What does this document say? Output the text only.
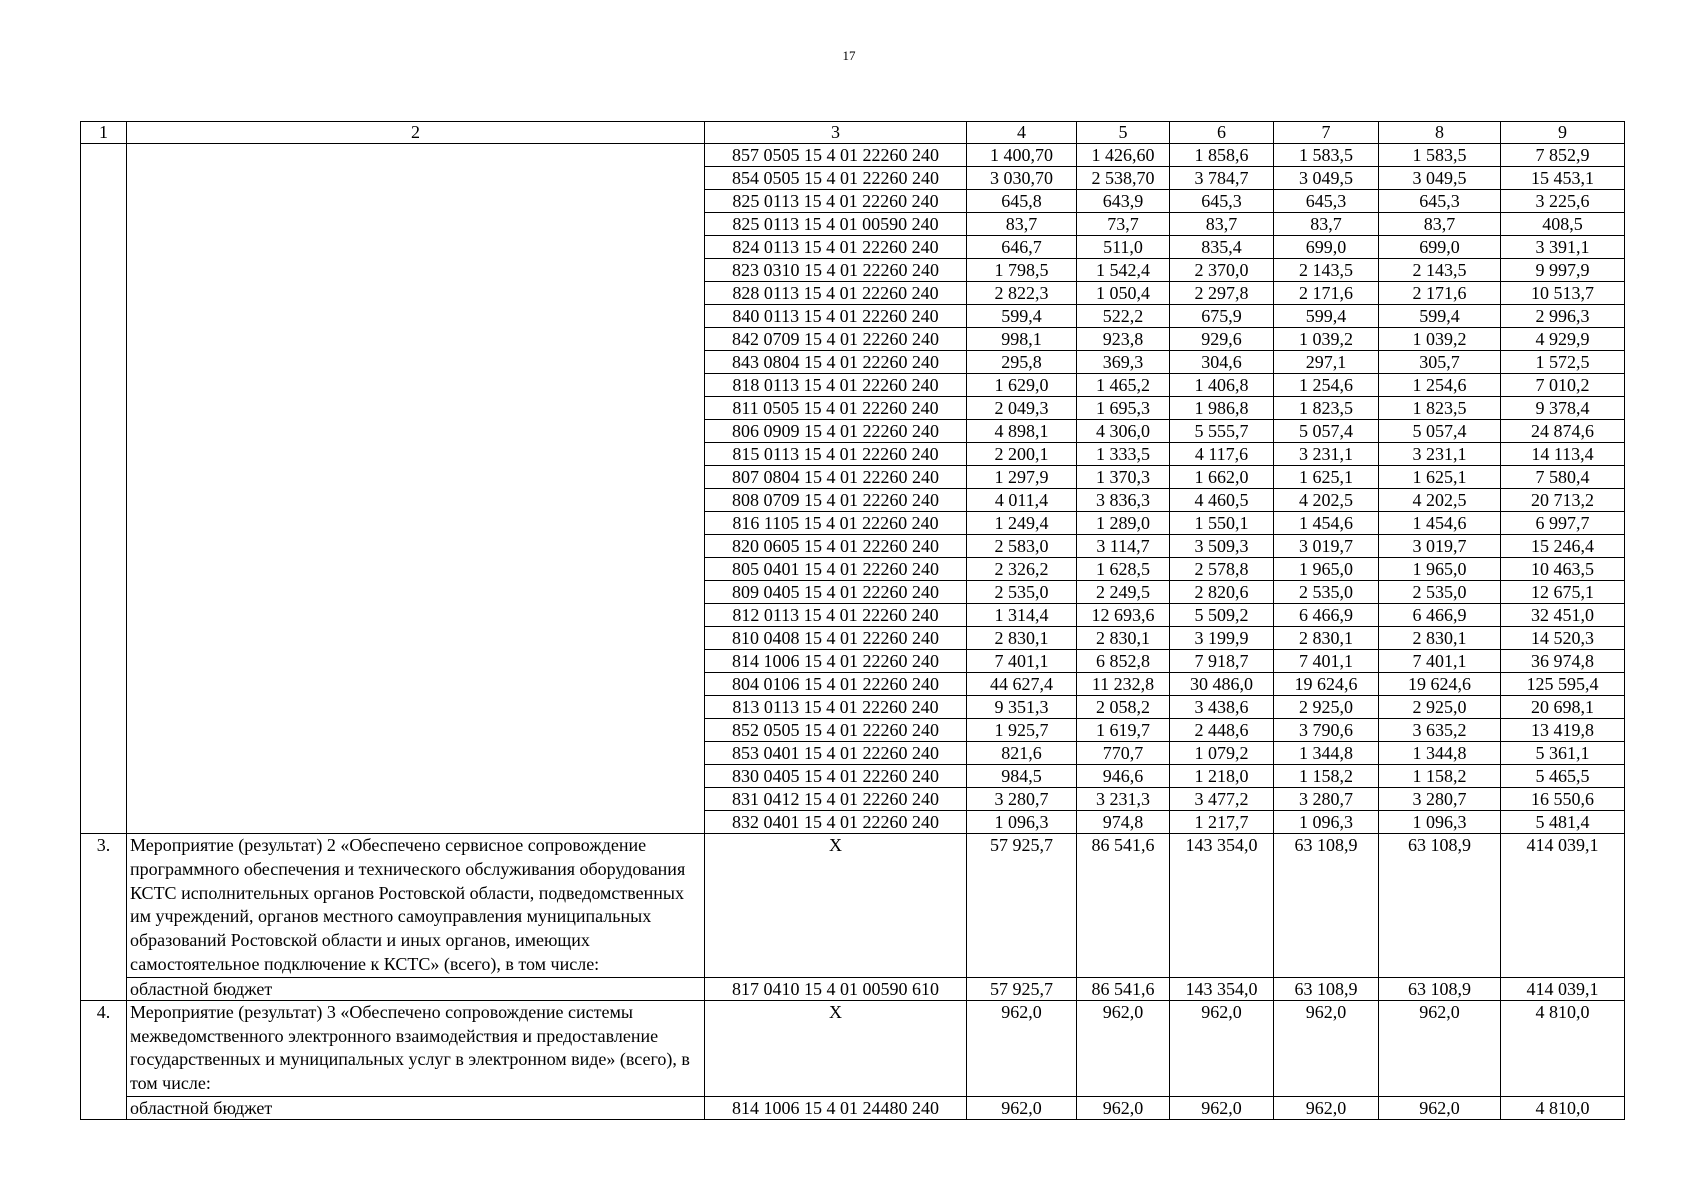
17
1	2	3	4	5	6	7	8	9
		857 0505 15 4 01 22260 240	1 400,70	1 426,60	1 858,6	1 583,5	1 583,5	7 852,9
		854 0505 15 4 01 22260 240	3 030,70	2 538,70	3 784,7	3 049,5	3 049,5	15 453,1
		825 0113 15 4 01 22260 240	645,8	643,9	645,3	645,3	645,3	3 225,6
		825 0113 15 4 01 00590 240	83,7	73,7	83,7	83,7	83,7	408,5
		824 0113 15 4 01 22260 240	646,7	511,0	835,4	699,0	699,0	3 391,1
		823 0310 15 4 01 22260 240	1 798,5	1 542,4	2 370,0	2 143,5	2 143,5	9 997,9
		828 0113 15 4 01 22260 240	2 822,3	1 050,4	2 297,8	2 171,6	2 171,6	10 513,7
		840 0113 15 4 01 22260 240	599,4	522,2	675,9	599,4	599,4	2 996,3
		842 0709 15 4 01 22260 240	998,1	923,8	929,6	1 039,2	1 039,2	4 929,9
		843 0804 15 4 01 22260 240	295,8	369,3	304,6	297,1	305,7	1 572,5
		818 0113 15 4 01 22260 240	1 629,0	1 465,2	1 406,8	1 254,6	1 254,6	7 010,2
		811 0505 15 4 01 22260 240	2 049,3	1 695,3	1 986,8	1 823,5	1 823,5	9 378,4
		806 0909 15 4 01 22260 240	4 898,1	4 306,0	5 555,7	5 057,4	5 057,4	24 874,6
		815 0113 15 4 01 22260 240	2 200,1	1 333,5	4 117,6	3 231,1	3 231,1	14 113,4
		807 0804 15 4 01 22260 240	1 297,9	1 370,3	1 662,0	1 625,1	1 625,1	7 580,4
		808 0709 15 4 01 22260 240	4 011,4	3 836,3	4 460,5	4 202,5	4 202,5	20 713,2
		816 1105 15 4 01 22260 240	1 249,4	1 289,0	1 550,1	1 454,6	1 454,6	6 997,7
		820 0605 15 4 01 22260 240	2 583,0	3 114,7	3 509,3	3 019,7	3 019,7	15 246,4
		805 0401 15 4 01 22260 240	2 326,2	1 628,5	2 578,8	1 965,0	1 965,0	10 463,5
		809 0405 15 4 01 22260 240	2 535,0	2 249,5	2 820,6	2 535,0	2 535,0	12 675,1
		812 0113 15 4 01 22260 240	1 314,4	12 693,6	5 509,2	6 466,9	6 466,9	32 451,0
		810 0408 15 4 01 22260 240	2 830,1	2 830,1	3 199,9	2 830,1	2 830,1	14 520,3
		814 1006 15 4 01 22260 240	7 401,1	6 852,8	7 918,7	7 401,1	7 401,1	36 974,8
		804 0106 15 4 01 22260 240	44 627,4	11 232,8	30 486,0	19 624,6	19 624,6	125 595,4
		813 0113 15 4 01 22260 240	9 351,3	2 058,2	3 438,6	2 925,0	2 925,0	20 698,1
		852 0505 15 4 01 22260 240	1 925,7	1 619,7	2 448,6	3 790,6	3 635,2	13 419,8
		853 0401 15 4 01 22260 240	821,6	770,7	1 079,2	1 344,8	1 344,8	5 361,1
		830 0405 15 4 01 22260 240	984,5	946,6	1 218,0	1 158,2	1 158,2	5 465,5
		831 0412 15 4 01 22260 240	3 280,7	3 231,3	3 477,2	3 280,7	3 280,7	16 550,6
		832 0401 15 4 01 22260 240	1 096,3	974,8	1 217,7	1 096,3	1 096,3	5 481,4
3.	Мероприятие (результат) 2 «Обеспечено сервисное сопровождение программного обеспечения и технического обслуживания оборудования КСТС исполнительных органов Ростовской области, подведомственных им учреждений, органов местного самоуправления муниципальных образований Ростовской области и иных органов, имеющих самостоятельное подключение к КСТС» (всего), в том числе:	X	57 925,7	86 541,6	143 354,0	63 108,9	63 108,9	414 039,1
	областной бюджет	817 0410 15 4 01 00590 610	57 925,7	86 541,6	143 354,0	63 108,9	63 108,9	414 039,1
4.	Мероприятие (результат) 3 «Обеспечено сопровождение системы межведомственного электронного взаимодействия и предоставление государственных и муниципальных услуг в электронном виде» (всего), в том числе:	X	962,0	962,0	962,0	962,0	962,0	4 810,0
	областной бюджет	814 1006 15 4 01 24480 240	962,0	962,0	962,0	962,0	962,0	4 810,0
